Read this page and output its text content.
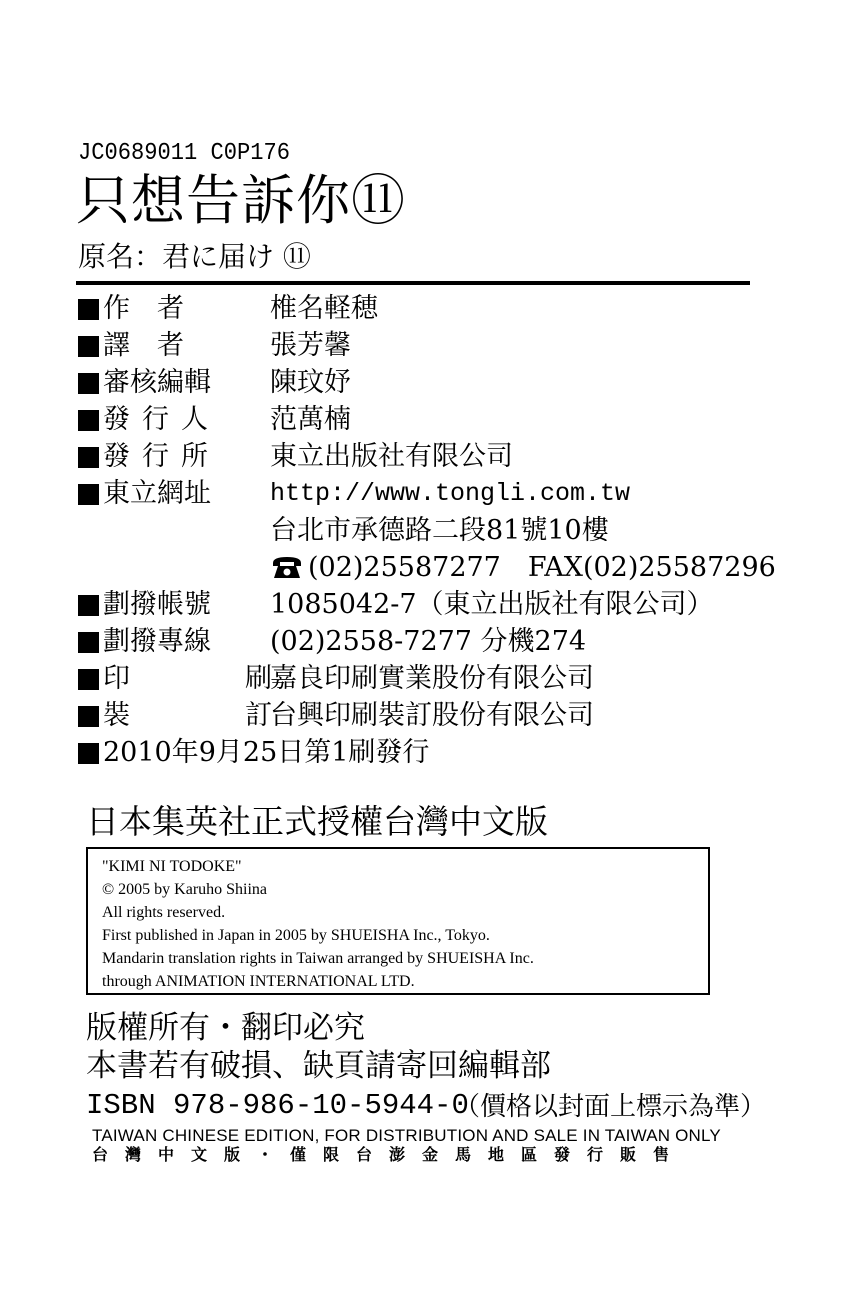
JC0689011 C0P176
只想告訴你⑪
原名：君に届け ⑪
作　者	椎名軽穂
譯　者	張芳馨
審核編輯 陳玟妤
發行人 范萬楠
發行所 東立出版社有限公司
東立網址 http://www.tongli.com.tw
台北市承德路二段81號10樓
(02)25587277　FAX(02)25587296
劃撥帳號 1085042-7（東立出版社有限公司）
劃撥專線 (02)2558-7277 分機274
印　刷
嘉良印刷實業股份有限公司
裝　訂
台興印刷裝訂股份有限公司
2010年9月25日第1刷發行
日本集英社正式授權台灣中文版
"KIMI NI TODOKE"
© 2005 by Karuho Shiina
All rights reserved.
First published in Japan in 2005 by SHUEISHA Inc., Tokyo.
Mandarin translation rights in Taiwan arranged by SHUEISHA Inc.
through ANIMATION INTERNATIONAL LTD.
版權所有・翻印必究
本書若有破損、缺頁請寄回編輯部
ISBN 978-986-10-5944-0
（價格以封面上標示為準）
TAIWAN CHINESE EDITION, FOR DISTRIBUTION AND SALE IN TAIWAN ONLY
台灣中文版・僅限台澎金馬地區發行販售
